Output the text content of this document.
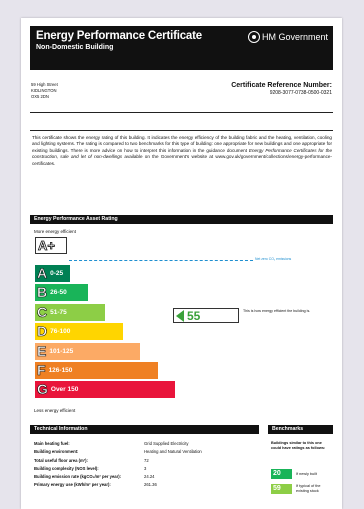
Energy Performance Certificate
Non-Domestic Building
HM Government
59 High Street
KIDLINGTON
OX5 2DN
Certificate Reference Number:
9208-3077-0738-0500-0321
This certificate shows the energy rating of this building. It indicates the energy efficiency of the building fabric and the heating, ventilation, cooling and lighting systems. The rating is compared to two benchmarks for this type of building: one appropriate for new buildings and one appropriate for existing buildings. There is more advice on how to interpret this information in the guidance document Energy Performance Certificates for the construction, sale and let of non-dwellings available on the Government's website at www.gov.uk/government/collections/energy-performance-certificates.
Energy Performance Asset Rating
More energy efficient
A+
Net zero CO₂ emissions
A 0-25
B 26-50
C 51-75
D 76-100
E 101-125
F 126-150
G Over 150
55	This is how energy efficient the building is.
Less energy efficient
Technical Information
Main heating fuel:	Grid Supplied Electricity
Building environment:	Heating and Natural Ventilation
Total useful floor area (m²):	72
Building complexity (NOS level):	3
Building emission rate (kgCO₂/m² per year):	24.24
Primary energy use (kWh/m² per year):	261.36
Benchmarks
Buildings similar to this one could have ratings as follows:
20	If newly built
59	If typical of the existing stock
